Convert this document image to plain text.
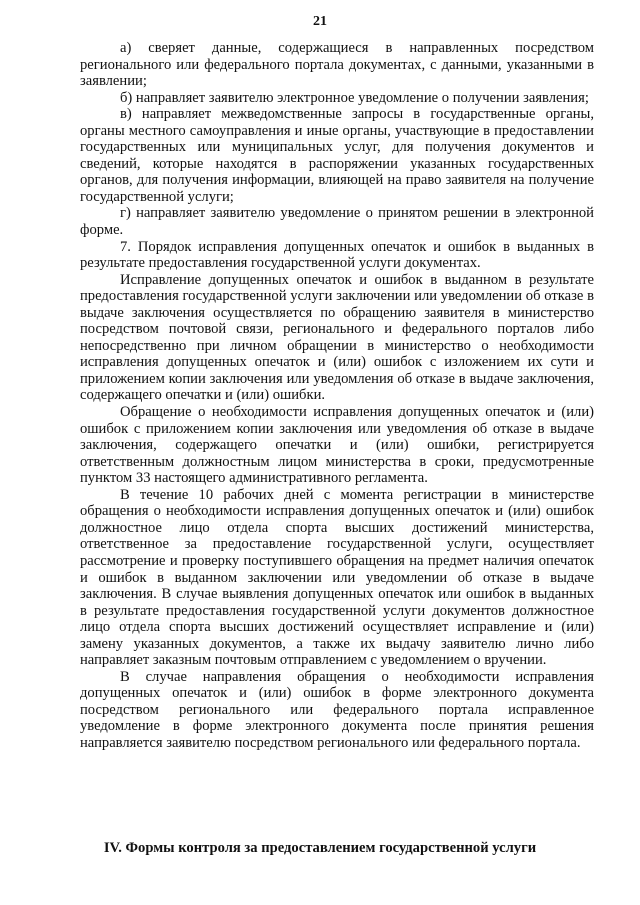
21

а) сверяет данные, содержащиеся в направленных посредством регионального или федерального портала документах, с данными, указанными в заявлении;

б) направляет заявителю электронное уведомление о получении заявления;

в) направляет межведомственные запросы в государственные органы, органы местного самоуправления и иные органы, участвующие в предоставлении государственных или муниципальных услуг, для получения документов и сведений, которые находятся в распоряжении указанных государственных органов, для получения информации, влияющей на право заявителя на получение государственной услуги;

г) направляет заявителю уведомление о принятом решении в электронной форме.

7. Порядок исправления допущенных опечаток и ошибок в выданных в результате предоставления государственной услуги документах.

Исправление допущенных опечаток и ошибок в выданном в результате предоставления государственной услуги заключении или уведомлении об отказе в выдаче заключения осуществляется по обращению заявителя в министерство посредством почтовой связи, регионального и федерального порталов либо непосредственно при личном обращении в министерство о необходимости исправления допущенных опечаток и (или) ошибок с изложением их сути и приложением копии заключения или уведомления об отказе в выдаче заключения, содержащего опечатки и (или) ошибки.

Обращение о необходимости исправления допущенных опечаток и (или) ошибок с приложением копии заключения или уведомления об отказе в выдаче заключения, содержащего опечатки и (или) ошибки, регистрируется ответственным должностным лицом министерства в сроки, предусмотренные пунктом 33 настоящего административного регламента.

В течение 10 рабочих дней с момента регистрации в министерстве обращения о необходимости исправления допущенных опечаток и (или) ошибок должностное лицо отдела спорта высших достижений министерства, ответственное за предоставление государственной услуги, осуществляет рассмотрение и проверку поступившего обращения на предмет наличия опечаток и ошибок в выданном заключении или уведомлении об отказе в выдаче заключения. В случае выявления допущенных опечаток или ошибок в выданных в результате предоставления государственной услуги документов должностное лицо отдела спорта высших достижений осуществляет исправление и (или) замену указанных документов, а также их выдачу заявителю лично либо направляет заказным почтовым отправлением с уведомлением о вручении.

В случае направления обращения о необходимости исправления допущенных опечаток и (или) ошибок в форме электронного документа посредством регионального или федерального портала исправленное уведомление в форме электронного документа после принятия решения направляется заявителю посредством регионального или федерального портала.

IV. Формы контроля за предоставлением государственной услуги
